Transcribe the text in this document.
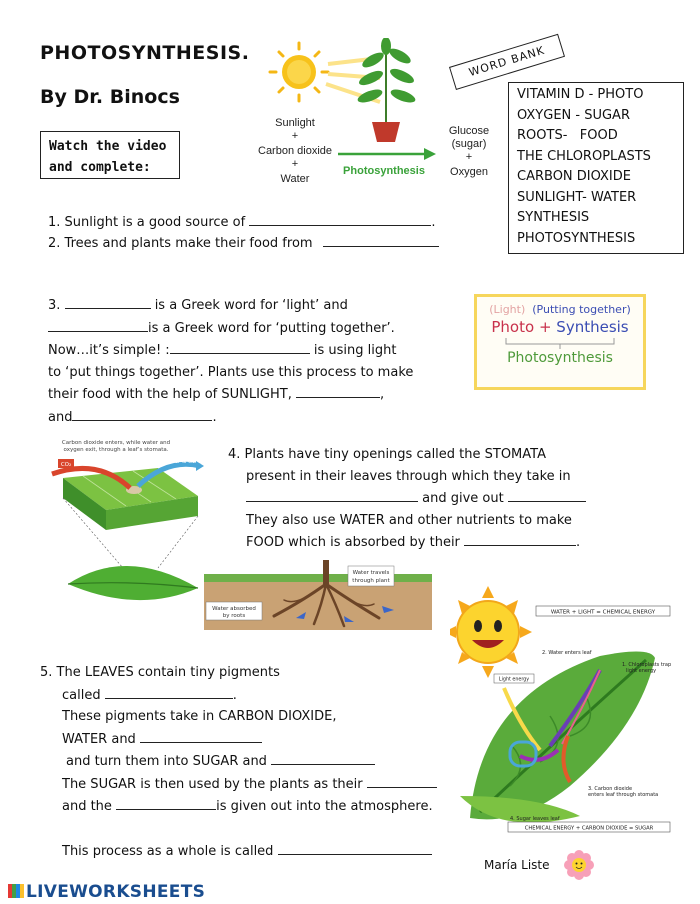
PHOTOSYNTHESIS.
By Dr. Binocs
Watch the video
and complete:
Sunlight
+
Carbon dioxide
+
Water
Glucose
(sugar)
+
Oxygen
Photosynthesis
WORD BANK
VITAMIN D - PHOTO
OXYGEN - SUGAR
ROOTS-   FOOD
THE CHLOROPLASTS
CARBON DIOXIDE
SUNLIGHT- WATER
SYNTHESIS
PHOTOSYNTHESIS
1. Sunlight is a good source of	.
2. Trees and plants make their food from
3.	is a Greek word for ‘light’ and
is a Greek word for ‘putting together’.
Now…it’s simple! :	is using light
to ‘put things together’. Plants use this process to make
their food with the help of SUNLIGHT,	,
and	.
(Light) (Putting together)
Photo + Synthesis
Photosynthesis
Carbon dioxide enters, while water and
oxygen exit, through a leaf’s stomata.
CO₂	Water & O₂	4. Plants have tiny openings called the STOMATA
present in their leaves through which they take in
and give out
They also use WATER and other nutrients to make
FOOD which is absorbed by their	.
Water travels
through plant
Water absorbed
by roots
WATER + LIGHT = CHEMICAL ENERGY
2. Water enters leaf
1. Chloroplasts trap
light energy
3. Carbon dioxide
enters leaf through stomata
4. Sugar leaves leaf
Light energy
CHEMICAL ENERGY + CARBON DIOXIDE = SUGAR
5. The LEAVES contain tiny pigments
called	.
These pigments take in CARBON DIOXIDE,
WATER and
and turn them into SUGAR and
The SUGAR is then used by the plants as their
and the	is given out into the atmosphere.
This process as a whole is called
María Liste
LIVEWORKSHEETS
